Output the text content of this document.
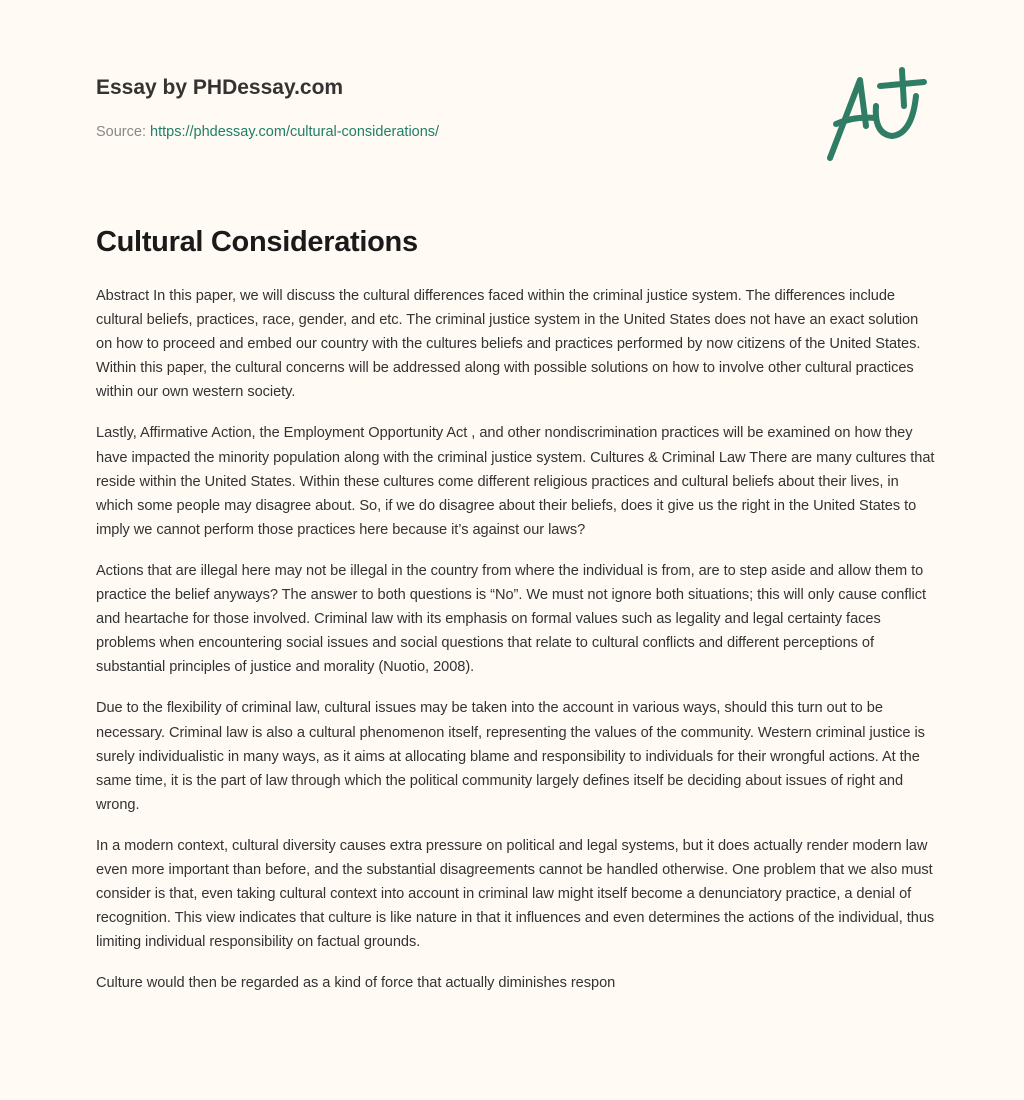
Essay by PHDessay.com
Source: https://phdessay.com/cultural-considerations/
Cultural Considerations

Abstract In this paper, we will discuss the cultural differences faced within the criminal justice system. The differences include cultural beliefs, practices, race, gender, and etc. The criminal justice system in the United States does not have an exact solution on how to proceed and embed our country with the cultures beliefs and practices performed by now citizens of the United States. Within this paper, the cultural concerns will be addressed along with possible solutions on how to involve other cultural practices within our own western society.

Lastly, Affirmative Action, the Employment Opportunity Act , and other nondiscrimination practices will be examined on how they have impacted the minority population along with the criminal justice system. Cultures & Criminal Law There are many cultures that reside within the United States. Within these cultures come different religious practices and cultural beliefs about their lives, in which some people may disagree about. So, if we do disagree about their beliefs, does it give us the right in the United States to imply we cannot perform those practices here because it’s against our laws?

Actions that are illegal here may not be illegal in the country from where the individual is from, are to step aside and allow them to practice the belief anyways? The answer to both questions is “No”. We must not ignore both situations; this will only cause conflict and heartache for those involved. Criminal law with its emphasis on formal values such as legality and legal certainty faces problems when encountering social issues and social questions that relate to cultural conflicts and different perceptions of substantial principles of justice and morality (Nuotio, 2008).

Due to the flexibility of criminal law, cultural issues may be taken into the account in various ways, should this turn out to be necessary. Criminal law is also a cultural phenomenon itself, representing the values of the community. Western criminal justice is surely individualistic in many ways, as it aims at allocating blame and responsibility to individuals for their wrongful actions. At the same time, it is the part of law through which the political community largely defines itself be deciding about issues of right and wrong.

In a modern context, cultural diversity causes extra pressure on political and legal systems, but it does actually render modern law even more important than before, and the substantial disagreements cannot be handled otherwise. One problem that we also must consider is that, even taking cultural context into account in criminal law might itself become a denunciatory practice, a denial of recognition. This view indicates that culture is like nature in that it influences and even determines the actions of the individual, thus limiting individual responsibility on factual grounds.

Culture would then be regarded as a kind of force that actually diminishes respon
